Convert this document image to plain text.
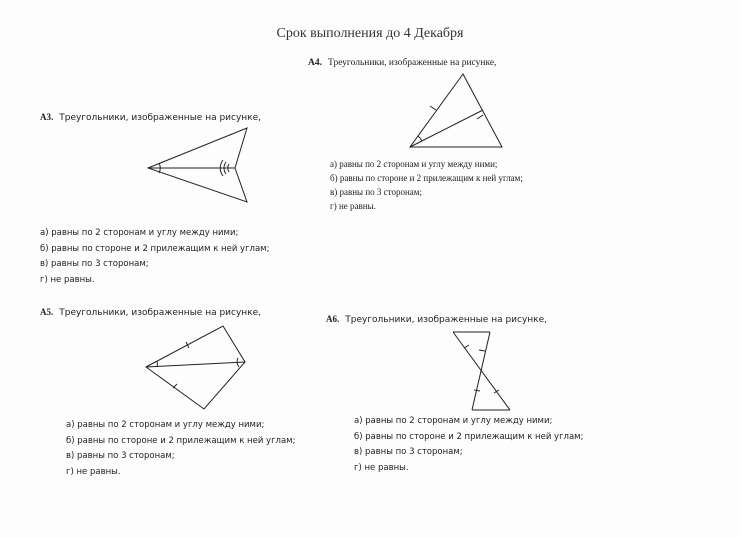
Срок выполнения до 4 Декабря
А4. Треугольники, изображенные на рисунке,
а) равны по 2 сторонам и углу между ними;
б) равны по стороне и 2 прилежащим к ней углам;
в) равны по 3 сторонам;
г) не равны.
А3. Треугольники, изображенные на рисунке,
а) равны по 2 сторонам и углу между ними;
б) равны по стороне и 2 прилежащим к ней углам;
в) равны по 3 сторонам;
г) не равны.
А5. Треугольники, изображенные на рисунке,
а) равны по 2 сторонам и углу между ними;
б) равны по стороне и 2 прилежащим к ней углам;
в) равны по 3 сторонам;
г) не равны.
А6. Треугольники, изображенные на рисунке,
а) равны по 2 сторонам и углу между ними;
б) равны по стороне и 2 прилежащим к ней углам;
в) равны по 3 сторонам;
г) не равны.
